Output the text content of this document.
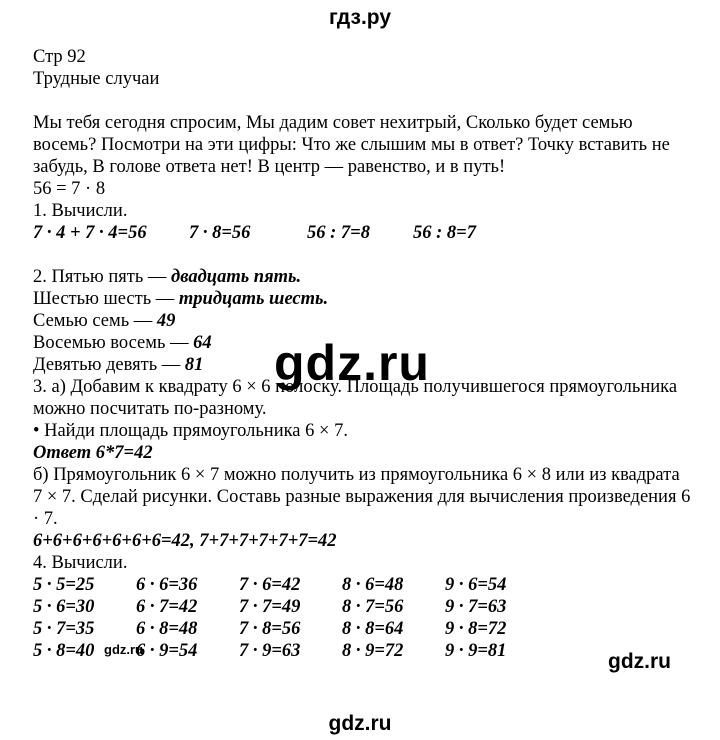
гдз.ру
Стр 92
Трудные случаи
Мы тебя сегодня спросим, Мы дадим совет нехитрый, Сколько будет семью восемь? Посмотри на эти цифры: Что же слышим мы в ответ? Точку вставить не забудь, В голове ответа нет! В центр — равенство, и в путь!
56 = 7 · 8
1. Вычисли.
7 · 4 + 7 · 4=56	7 · 8=56	56 : 7=8	56 : 8=7
2. Пятью пять — двадцать пять.
Шестью шесть — тридцать шесть.
Семью семь — 49
Восемью восемь — 64
Девятью девять — 81
3. а) Добавим к квадрату 6 × 6 полоску. Площадь получившегося прямоугольника можно посчитать по-разному.
• Найди площадь прямоугольника 6 × 7.
Ответ 6*7=42
б) Прямоугольник 6 × 7 можно получить из прямоугольника 6 × 8 или из квадрата 7 × 7. Сделай рисунки. Составь разные выражения для вычисления произведения 6 · 7.
6+6+6+6+6+6+6=42, 7+7+7+7+7+7=42
4. Вычисли.
5 · 5=25	6 · 6=36	7 · 6=42	8 · 6=48	9 · 6=54
5 · 6=30	6 · 7=42	7 · 7=49	8 · 7=56	9 · 7=63
5 · 7=35	6 · 8=48	7 · 8=56	8 · 8=64	9 · 8=72
5 · 8=40	6 · 9=54	7 · 9=63	8 · 9=72	9 · 9=81
gdz.ru
gdz.ru
gdz.ru
gdz.ru
